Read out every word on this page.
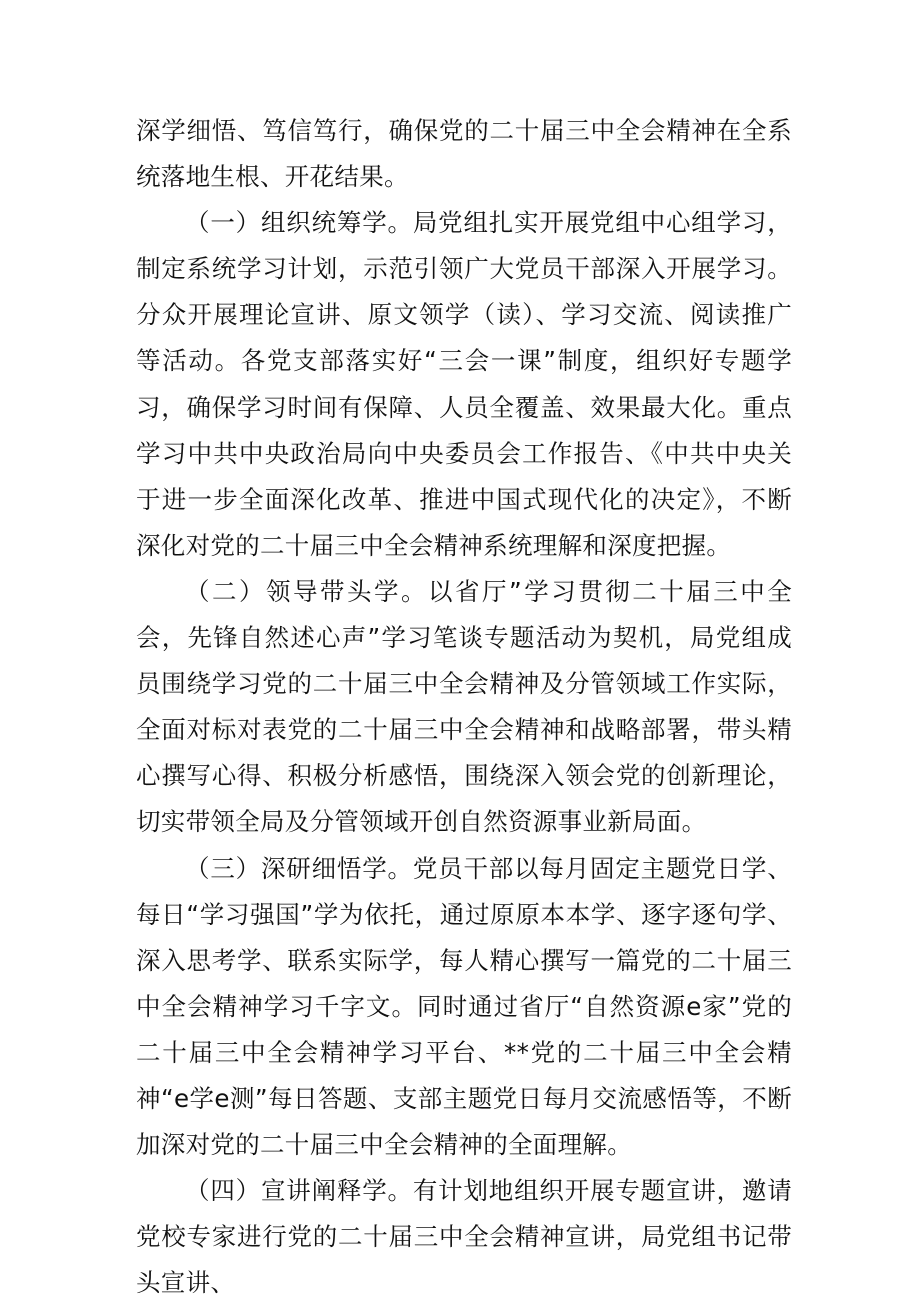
深学细悟、笃信笃行，确保党的二十届三中全会精神在全系统落地生根、开花结果。

（一）组织统筹学。局党组扎实开展党组中心组学习，制定系统学习计划，示范引领广大党员干部深入开展学习。分众开展理论宣讲、原文领学（读）、学习交流、阅读推广等活动。各党支部落实好“三会一课”制度，组织好专题学习，确保学习时间有保障、人员全覆盖、效果最大化。重点学习中共中央政治局向中央委员会工作报告、《中共中央关于进一步全面深化改革、推进中国式现代化的决定》，不断深化对党的二十届三中全会精神系统理解和深度把握。

（二）领导带头学。以省厅”学习贯彻二十届三中全会，先锋自然述心声”学习笔谈专题活动为契机，局党组成员围绕学习党的二十届三中全会精神及分管领域工作实际，全面对标对表党的二十届三中全会精神和战略部署，带头精心撰写心得、积极分析感悟，围绕深入领会党的创新理论，切实带领全局及分管领域开创自然资源事业新局面。

（三）深研细悟学。党员干部以每月固定主题党日学、每日“学习强国”学为依托，通过原原本本学、逐字逐句学、深入思考学、联系实际学，每人精心撰写一篇党的二十届三中全会精神学习千字文。同时通过省厅“自然资源e家”党的二十届三中全会精神学习平台、**党的二十届三中全会精神“e学e测”每日答题、支部主题党日每月交流感悟等，不断加深对党的二十届三中全会精神的全面理解。

（四）宣讲阐释学。有计划地组织开展专题宣讲，邀请党校专家进行党的二十届三中全会精神宣讲，局党组书记带头宣讲、
